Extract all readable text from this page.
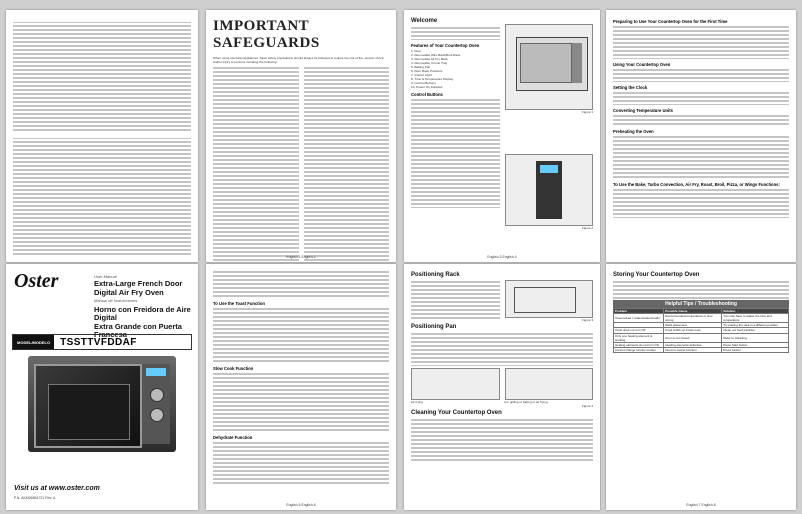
IMPORTANT SAFEGUARDS

When using electrical appliances, basic safety precautions should always be followed to reduce the risk of fire, electric shock, and/or injury to persons including the following:

English-1 English-2
Welcome
Features of Your Countertop Oven

1. Door

2. Removable Wire Rack/Broil Rack

3. Removable Air Fry Rack

4. Removable Crumb Tray

5. Baking Pan

6. Door Rack Positions

7. Interior Light

8. Time & Temperature Display

9. Control Buttons

10. Power On Indicator

Control Buttons
Figure 1
Figure 2
English-3 English-4
Preparing to Use Your Countertop Oven for the First Time
Using Your Countertop Oven
Setting the Clock
Converting Temperature Units
Preheating the Oven
To Use the Bake, Turbo Convection, Air Fry, Roast, Broil, Pizza, or Wings Functions:
Oster	User Manual
Extra-Large French Door Digital Air Fry Oven
Manual de Instrucciones
Horno con Freidora de Aire Digital
Extra Grande con Puerta Francesa
MODEL/MODELO	TSSTTVFDDAF
Visit us at www.oster.com
P.N. AKM06894721 Rev. A
To Use the Toast Function
Slow Cook Function
Dehydrate Function
English-5 English-6
Positioning Rack
Figure 3
Positioning Pan
Air frying	For grilling or baking or air frying
Figure 4
Cleaning Your Countertop Oven
Storing Your Countertop Oven
Helpful Tips / Troubleshooting
Problem	Possible Cause	Solution
Overcooked / Undercooked foods	Recommended temperature or time wrong	You may have to adjust the time and temperature
	Rack placement	Try placing the rack in a different position
Toast does not turn Off	Food builds up inside oven	Clean out food particles
Only one heating element is working	Door is not closed	Refer to Cleaning
Heating elements do not turn ON	Heating elements defective	Press Start button
Cannot change function button	Need to cancel function	Press cancel
English-7 English-8
